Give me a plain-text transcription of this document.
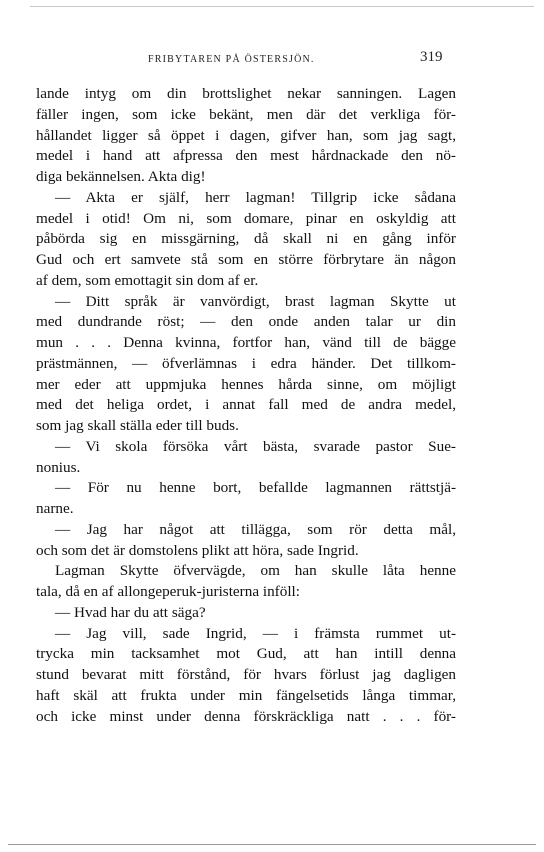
FRIBYTAREN PÅ ÖSTERSJÖN.	319
lande intyg om din brottslighet nekar sanningen. Lagen
fäller ingen, som icke bekänt, men där det verkliga för-
hållandet ligger så öppet i dagen, gifver han, som jag sagt,
medel i hand att afpressa den mest hårdnackade den nö-
diga bekännelsen. Akta dig!
— Akta er själf, herr lagman! Tillgrip icke sådana
medel i otid! Om ni, som domare, pinar en oskyldig att
påbörda sig en missgärning, då skall ni en gång inför
Gud och ert samvete stå som en större förbrytare än någon
af dem, som emottagit sin dom af er.
— Ditt språk är vanvördigt, brast lagman Skytte ut
med dundrande röst; — den onde anden talar ur din
mun . . . Denna kvinna, fortfor han, vänd till de bägge
prästmännen, — öfverlämnas i edra händer. Det tillkom-
mer eder att uppmjuka hennes hårda sinne, om möjligt
med det heliga ordet, i annat fall med de andra medel,
som jag skall ställa eder till buds.
— Vi skola försöka vårt bästa, svarade pastor Sue-
nonius.
— För nu henne bort, befallde lagmannen rättstjä-
narne.
— Jag har något att tillägga, som rör detta mål,
och som det är domstolens plikt att höra, sade Ingrid.
Lagman Skytte öfvervägde, om han skulle låta henne
tala, då en af allongeperuk-juristerna inföll:
— Hvad har du att säga?
— Jag vill, sade Ingrid, — i främsta rummet ut-
trycka min tacksamhet mot Gud, att han intill denna
stund bevarat mitt förstånd, för hvars förlust jag dagligen
haft skäl att frukta under min fängelsetids långa timmar,
och icke minst under denna förskräckliga natt . . . för-
